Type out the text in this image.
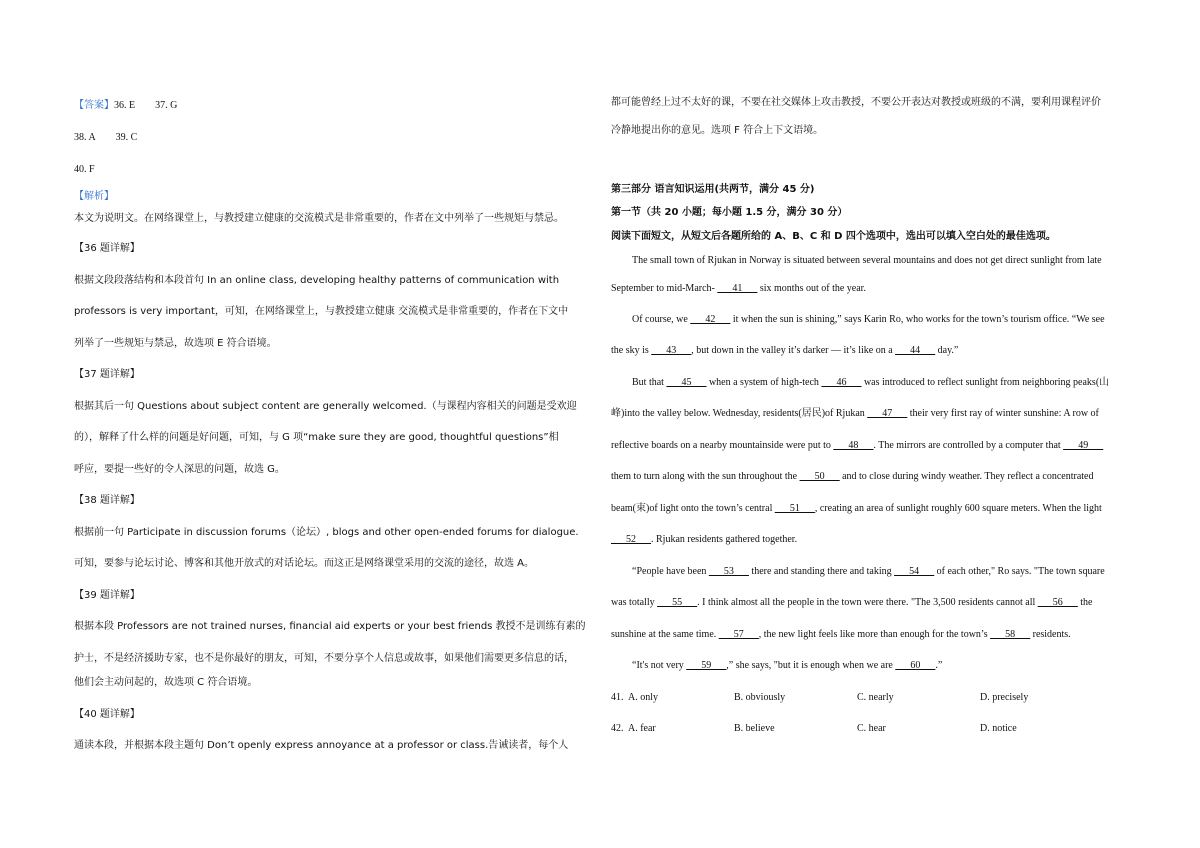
【答案】36. E 37. G
38. A 39. C
40. F
【解析】
本文为说明文。在网络课堂上，与教授建立健康的交流模式是非常重要的，作者在文中列举了一些规矩与禁忌。
【36 题详解】
根据文段段落结构和本段首句 In an online class, developing healthy patterns of communication with
professors is very important，可知，在网络课堂上，与教授建立健康 交流模式是非常重要的，作者在下文中
列举了一些规矩与禁忌，故选项 E 符合语境。
【37 题详解】
根据其后一句 Questions about subject content are generally welcomed.（与课程内容相关的问题是受欢迎
的），解释了什么样的问题是好问题，可知，与 G 项“make sure they are good, thoughtful questions”相
呼应，要提一些好的令人深思的问题，故选 G。
【38 题详解】
根据前一句 Participate in discussion forums（论坛）, blogs and other open-ended forums for dialogue.
可知，要参与论坛讨论、博客和其他开放式的对话论坛。而这正是网络课堂采用的交流的途径，故选 A。
【39 题详解】
根据本段 Professors are not trained nurses, financial aid experts or your best friends 教授不是训练有素的
护士，不是经济援助专家，也不是你最好的朋友，可知，不要分享个人信息或故事，如果他们需要更多信息的话，
他们会主动问起的，故选项 C 符合语境。
【40 题详解】
通读本段，并根据本段主题句 Don’t openly express annoyance at a professor or class.告诫读者，每个人
都可能曾经上过不太好的课，不要在社交媒体上攻击教授，不要公开表达对教授或班级的不满，要利用课程评价
冷静地提出你的意见。选项 F 符合上下文语境。
第三部分 语言知识运用(共两节，满分 45 分)
第一节（共 20 小题；每小题 1.5 分，满分 30 分）
阅读下面短文，从短文后各题所给的 A、B、C 和 D 四个选项中，选出可以填入空白处的最佳选项。
The small town of Rjukan in Norway is situated between several mountains and does not get direct sunlight from late
September to mid-March- ___41___ six months out of the year.
Of course, we ___42___ it when the sun is shining,” says Karin Ro, who works for the town’s tourism office. “We see
the sky is ___43___, but down in the valley it’s darker — it’s like on a ___44___ day.”
But that ___45___ when a system of high-tech ___46___ was introduced to reflect sunlight from neighboring peaks(山
峰)into the valley below. Wednesday, residents(居民)of Rjukan ___47___ their very first ray of winter sunshine: A row of
reflective boards on a nearby mountainside were put to ___48___. The mirrors are controlled by a computer that ___49___
them to turn along with the sun throughout the ___50___ and to close during windy weather. They reflect a concentrated
beam(束)of light onto the town’s central ___51___, creating an area of sunlight roughly 600 square meters. When the light
___52___. Rjukan residents gathered together.
“People have been ___53___ there and standing there and taking ___54___ of each other," Ro says. "The town square
was totally ___55___. I think almost all the people in the town were there. "The 3,500 residents cannot all ___56___ the
sunshine at the same time. ___57___, the new light feels like more than enough for the town’s ___58___ residents.
“It's not very ___59___,” she says, "but it is enough when we are ___60___.”
41. A. only	B. obviously	C. nearly	D. precisely
42. A. fear	B. believe	C. hear	D. notice
